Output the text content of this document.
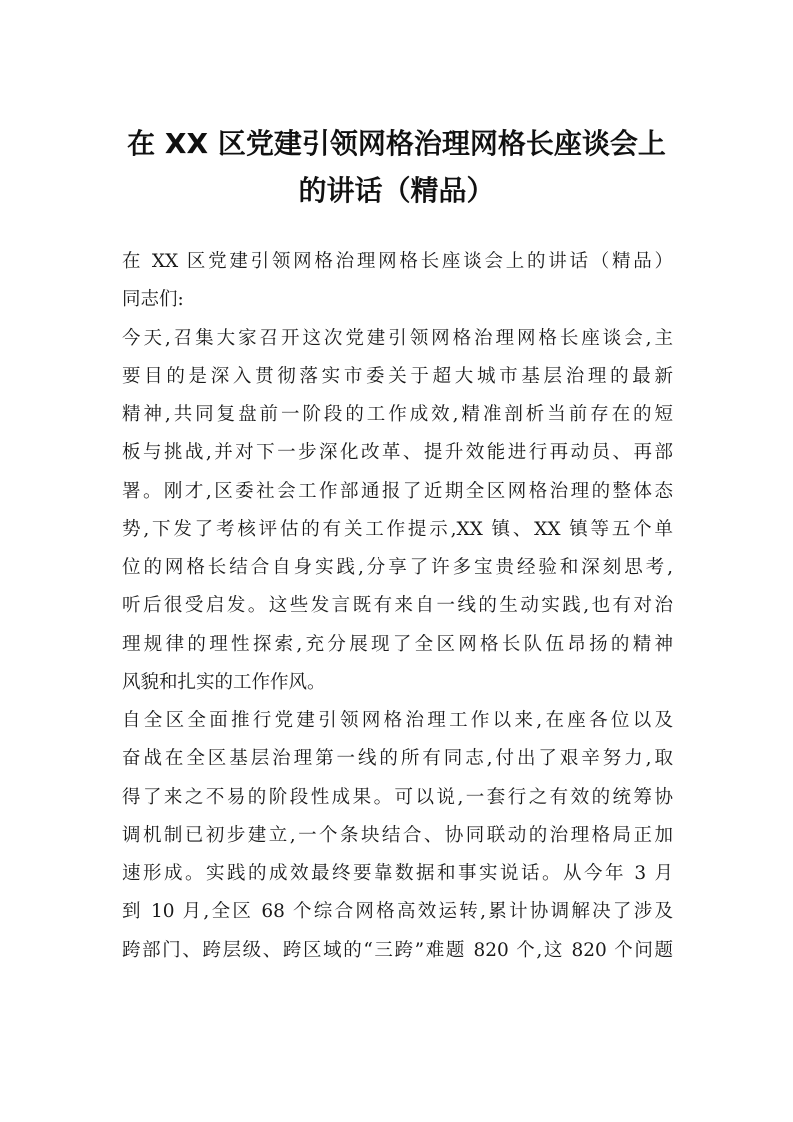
在 XX 区党建引领网格治理网格长座谈会上
的讲话（精品）
在 XX 区党建引领网格治理网格长座谈会上的讲话（精品）
同志们:
今天,召集大家召开这次党建引领网格治理网格长座谈会,主
要目的是深入贯彻落实市委关于超大城市基层治理的最新
精神,共同复盘前一阶段的工作成效,精准剖析当前存在的短
板与挑战,并对下一步深化改革、提升效能进行再动员、再部
署。刚才,区委社会工作部通报了近期全区网格治理的整体态
势,下发了考核评估的有关工作提示,XX 镇、XX 镇等五个单
位的网格长结合自身实践,分享了许多宝贵经验和深刻思考,
听后很受启发。这些发言既有来自一线的生动实践,也有对治
理规律的理性探索,充分展现了全区网格长队伍昂扬的精神
风貌和扎实的工作作风。
自全区全面推行党建引领网格治理工作以来,在座各位以及
奋战在全区基层治理第一线的所有同志,付出了艰辛努力,取
得了来之不易的阶段性成果。可以说,一套行之有效的统筹协
调机制已初步建立,一个条块结合、协同联动的治理格局正加
速形成。实践的成效最终要靠数据和事实说话。从今年 3 月
到 10 月,全区 68 个综合网格高效运转,累计协调解决了涉及
跨部门、跨层级、跨区域的“三跨”难题 820 个,这 820 个问题
